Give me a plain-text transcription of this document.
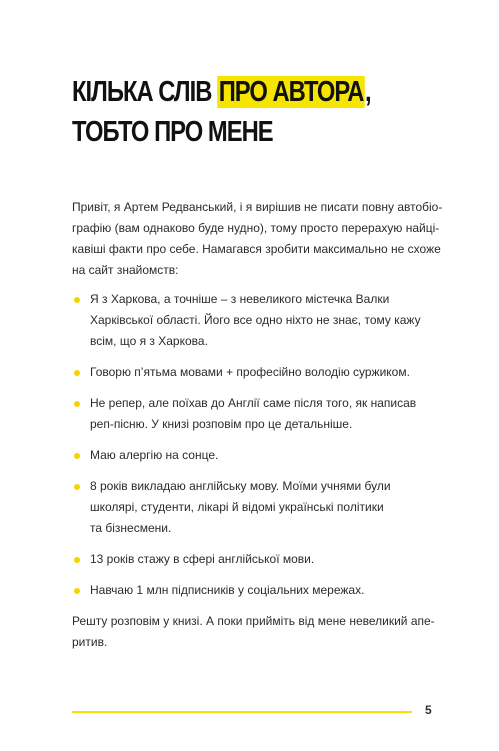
КІЛЬКА СЛІВ ПРО АВТОРА,
ТОБТО ПРО МЕНЕ

Привіт, я Артем Редванський, і я вирішив не писати повну автобіо-
графію (вам однаково буде нудно), тому просто перерахую найці-
кавіші факти про себе. Намагався зробити максимально не схоже
на сайт знайомств:

Я з Харкова, а точніше – з невеликого містечка Валки
Харківської області. Його все одно ніхто не знає, тому кажу
всім, що я з Харкова.
Говорю п’ятьма мовами + професійно володію суржиком.
Не репер, але поїхав до Англії саме після того, як написав
реп-пісню. У книзі розповім про це детальніше.
Маю алергію на сонце.
8 років викладаю англійську мову. Моїми учнями були
школярі, студенти, лікарі й відомі українські політики
та бізнесмени.
13 років стажу в сфері англійської мови.
Навчаю 1 млн підписників у соціальних мережах.

Решту розповім у книзі. А поки прийміть від мене невеликий апе-
ритив.

5
